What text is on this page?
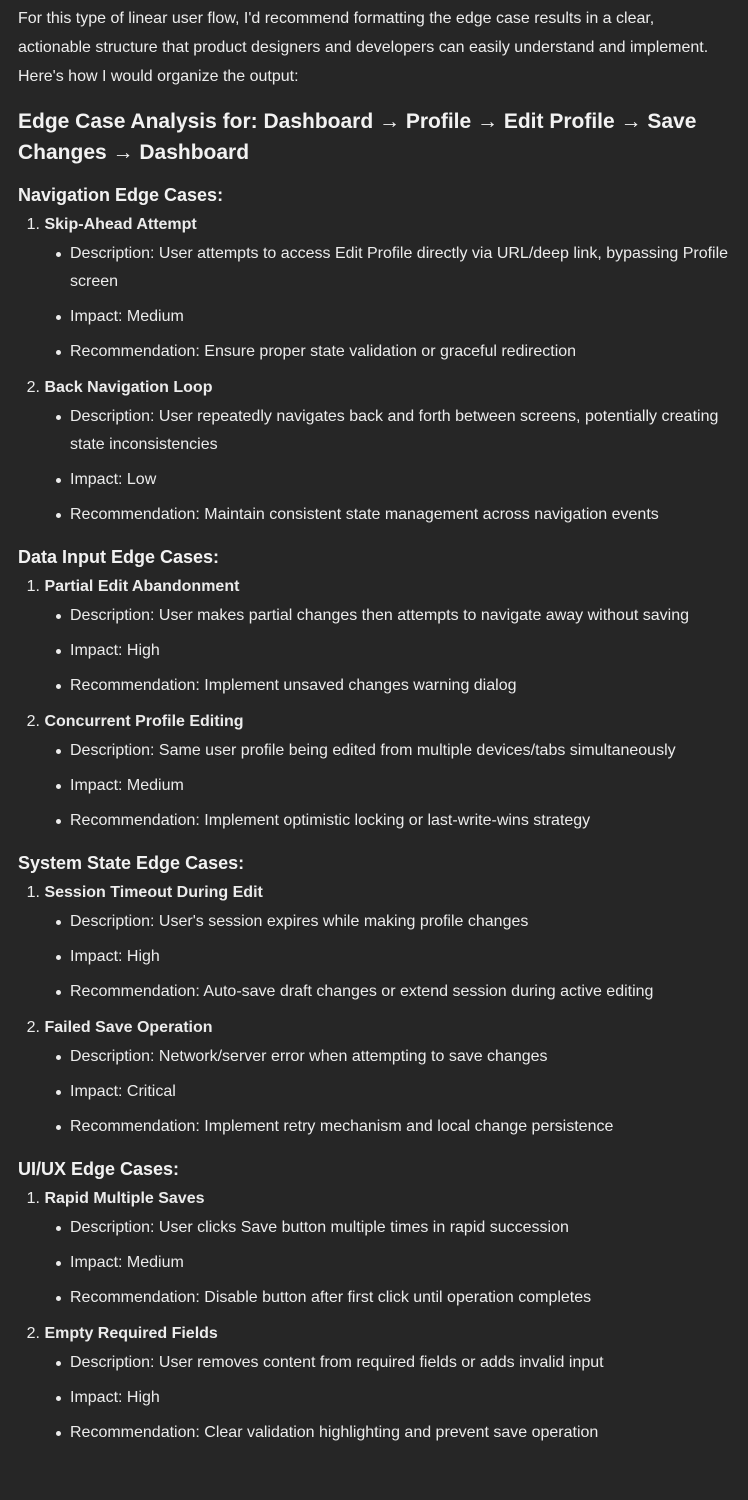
For this type of linear user flow, I'd recommend formatting the edge case results in a clear, actionable structure that product designers and developers can easily understand and implement. Here's how I would organize the output:

Edge Case Analysis for: Dashboard → Profile → Edit Profile → Save Changes → Dashboard
Navigation Edge Cases:
1.
Skip-Ahead Attempt
Description: User attempts to access Edit Profile directly via URL/deep link, bypassing Profile screen
Impact: Medium
Recommendation: Ensure proper state validation or graceful redirection
2.
Back Navigation Loop
Description: User repeatedly navigates back and forth between screens, potentially creating state inconsistencies
Impact: Low
Recommendation: Maintain consistent state management across navigation events
Data Input Edge Cases:
1.
Partial Edit Abandonment
Description: User makes partial changes then attempts to navigate away without saving
Impact: High
Recommendation: Implement unsaved changes warning dialog
2.
Concurrent Profile Editing
Description: Same user profile being edited from multiple devices/tabs simultaneously
Impact: Medium
Recommendation: Implement optimistic locking or last-write-wins strategy
System State Edge Cases:
1.
Session Timeout During Edit
Description: User's session expires while making profile changes
Impact: High
Recommendation: Auto-save draft changes or extend session during active editing
2.
Failed Save Operation
Description: Network/server error when attempting to save changes
Impact: Critical
Recommendation: Implement retry mechanism and local change persistence
UI/UX Edge Cases:
1.
Rapid Multiple Saves
Description: User clicks Save button multiple times in rapid succession
Impact: Medium
Recommendation: Disable button after first click until operation completes
2.
Empty Required Fields
Description: User removes content from required fields or adds invalid input
Impact: High
Recommendation: Clear validation highlighting and prevent save operation
